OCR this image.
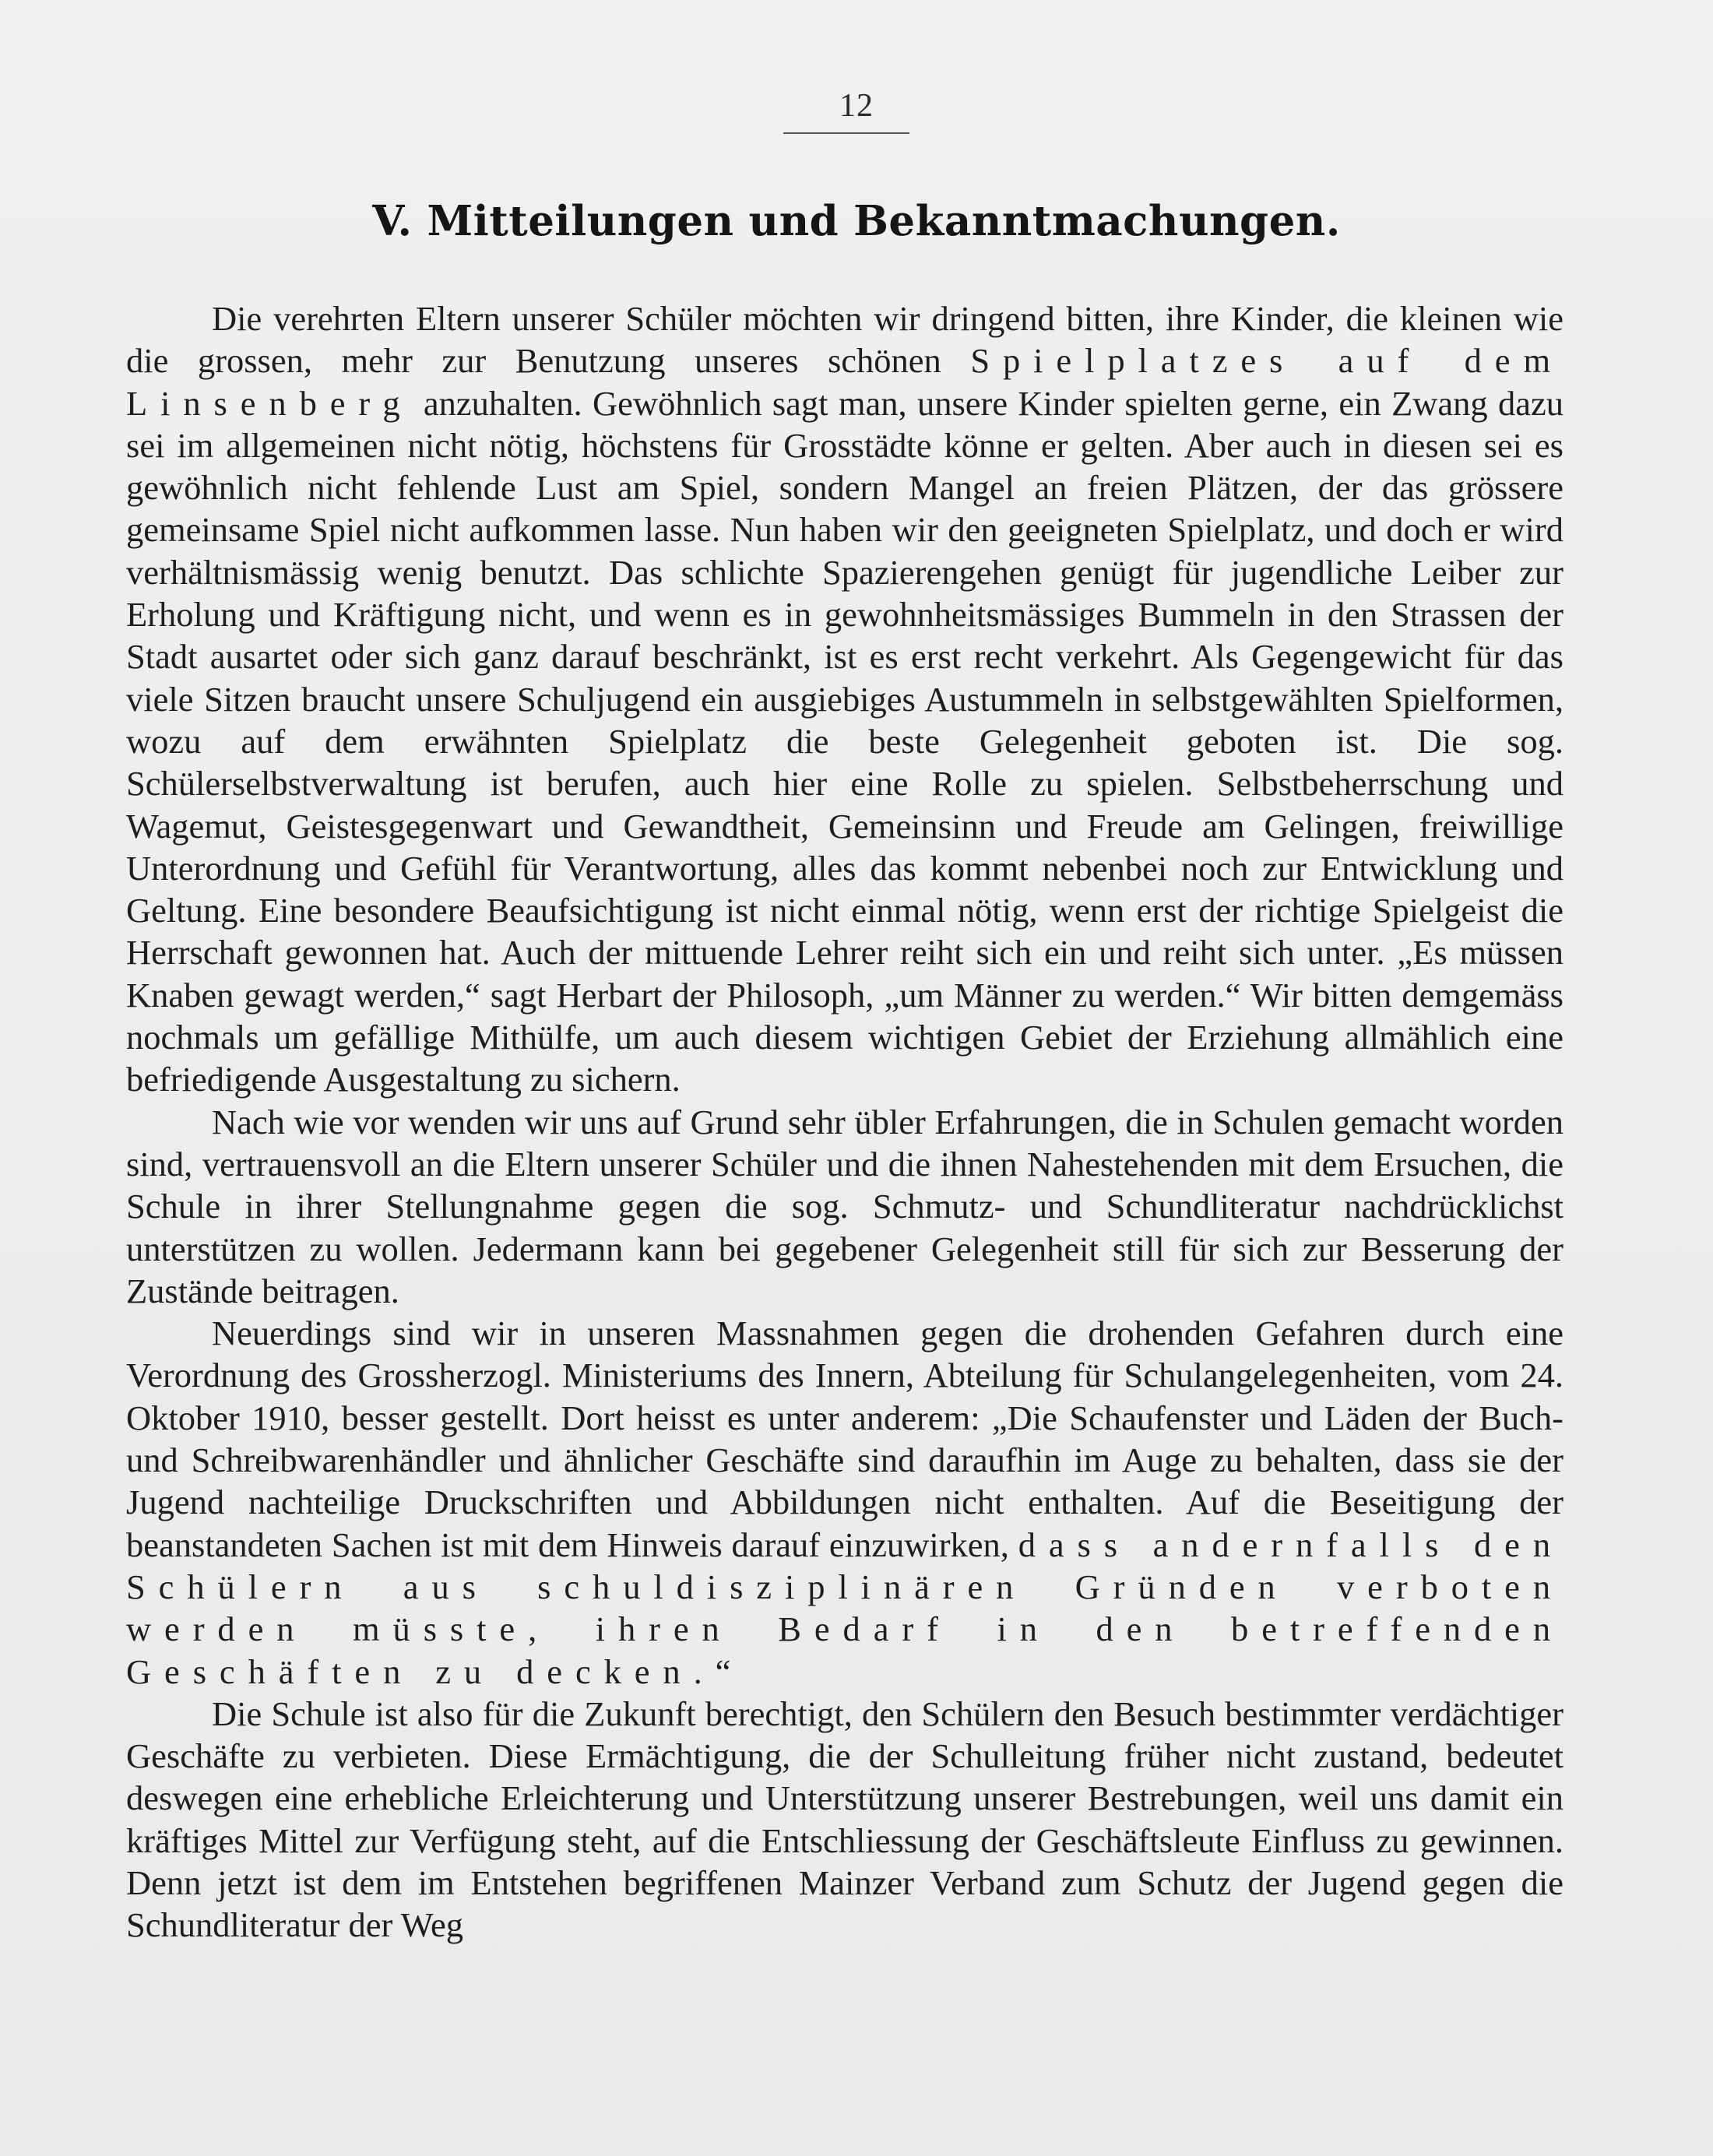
12
V. Mitteilungen und Bekanntmachungen.

Die verehrten Eltern unserer Schüler möchten wir dringend bitten, ihre Kinder, die kleinen wie die grossen, mehr zur Benutzung unseres schönen Spielplatzes auf dem Linsenberg anzuhalten. Gewöhnlich sagt man, unsere Kinder spielten gerne, ein Zwang dazu sei im allgemeinen nicht nötig, höchstens für Grosstädte könne er gelten. Aber auch in diesen sei es gewöhnlich nicht fehlende Lust am Spiel, sondern Mangel an freien Plätzen, der das grössere gemeinsame Spiel nicht aufkommen lasse. Nun haben wir den geeigneten Spielplatz, und doch er wird verhältnismässig wenig benutzt. Das schlichte Spazierengehen genügt für jugendliche Leiber zur Erholung und Kräftigung nicht, und wenn es in gewohnheitsmässiges Bummeln in den Strassen der Stadt ausartet oder sich ganz darauf beschränkt, ist es erst recht verkehrt. Als Gegengewicht für das viele Sitzen braucht unsere Schuljugend ein ausgiebiges Austummeln in selbstgewählten Spielformen, wozu auf dem erwähnten Spielplatz die beste Gelegenheit geboten ist. Die sog. Schülerselbstverwaltung ist berufen, auch hier eine Rolle zu spielen. Selbstbeherrschung und Wagemut, Geistesgegenwart und Gewandtheit, Gemeinsinn und Freude am Gelingen, freiwillige Unterordnung und Gefühl für Verantwortung, alles das kommt nebenbei noch zur Entwicklung und Geltung. Eine besondere Beaufsichtigung ist nicht einmal nötig, wenn erst der richtige Spielgeist die Herrschaft gewonnen hat. Auch der mittuende Lehrer reiht sich ein und reiht sich unter. „Es müssen Knaben gewagt werden,“ sagt Herbart der Philosoph, „um Männer zu werden.“ Wir bitten demgemäss nochmals um gefällige Mithülfe, um auch diesem wichtigen Gebiet der Erziehung allmählich eine befriedigende Ausgestaltung zu sichern.

Nach wie vor wenden wir uns auf Grund sehr übler Erfahrungen, die in Schulen gemacht worden sind, vertrauensvoll an die Eltern unserer Schüler und die ihnen Nahestehenden mit dem Ersuchen, die Schule in ihrer Stellungnahme gegen die sog. Schmutz- und Schundliteratur nachdrücklichst unterstützen zu wollen. Jedermann kann bei gegebener Gelegenheit still für sich zur Besserung der Zustände beitragen.

Neuerdings sind wir in unseren Massnahmen gegen die drohenden Gefahren durch eine Verordnung des Grossherzogl. Ministeriums des Innern, Abteilung für Schulangelegenheiten, vom 24. Oktober 1910, besser gestellt. Dort heisst es unter anderem: „Die Schaufenster und Läden der Buch- und Schreibwarenhändler und ähnlicher Geschäfte sind daraufhin im Auge zu behalten, dass sie der Jugend nachteilige Druckschriften und Abbildungen nicht enthalten. Auf die Beseitigung der beanstandeten Sachen ist mit dem Hinweis darauf einzuwirken, dass andernfalls den Schülern aus schuldisziplinären Gründen verboten werden müsste, ihren Bedarf in den betreffenden Geschäften zu decken.“

Die Schule ist also für die Zukunft berechtigt, den Schülern den Besuch bestimmter verdächtiger Geschäfte zu verbieten. Diese Ermächtigung, die der Schulleitung früher nicht zustand, bedeutet deswegen eine erhebliche Erleichterung und Unterstützung unserer Bestrebungen, weil uns damit ein kräftiges Mittel zur Verfügung steht, auf die Entschliessung der Geschäftsleute Einfluss zu gewinnen. Denn jetzt ist dem im Entstehen begriffenen Mainzer Verband zum Schutz der Jugend gegen die Schundliteratur der Weg
